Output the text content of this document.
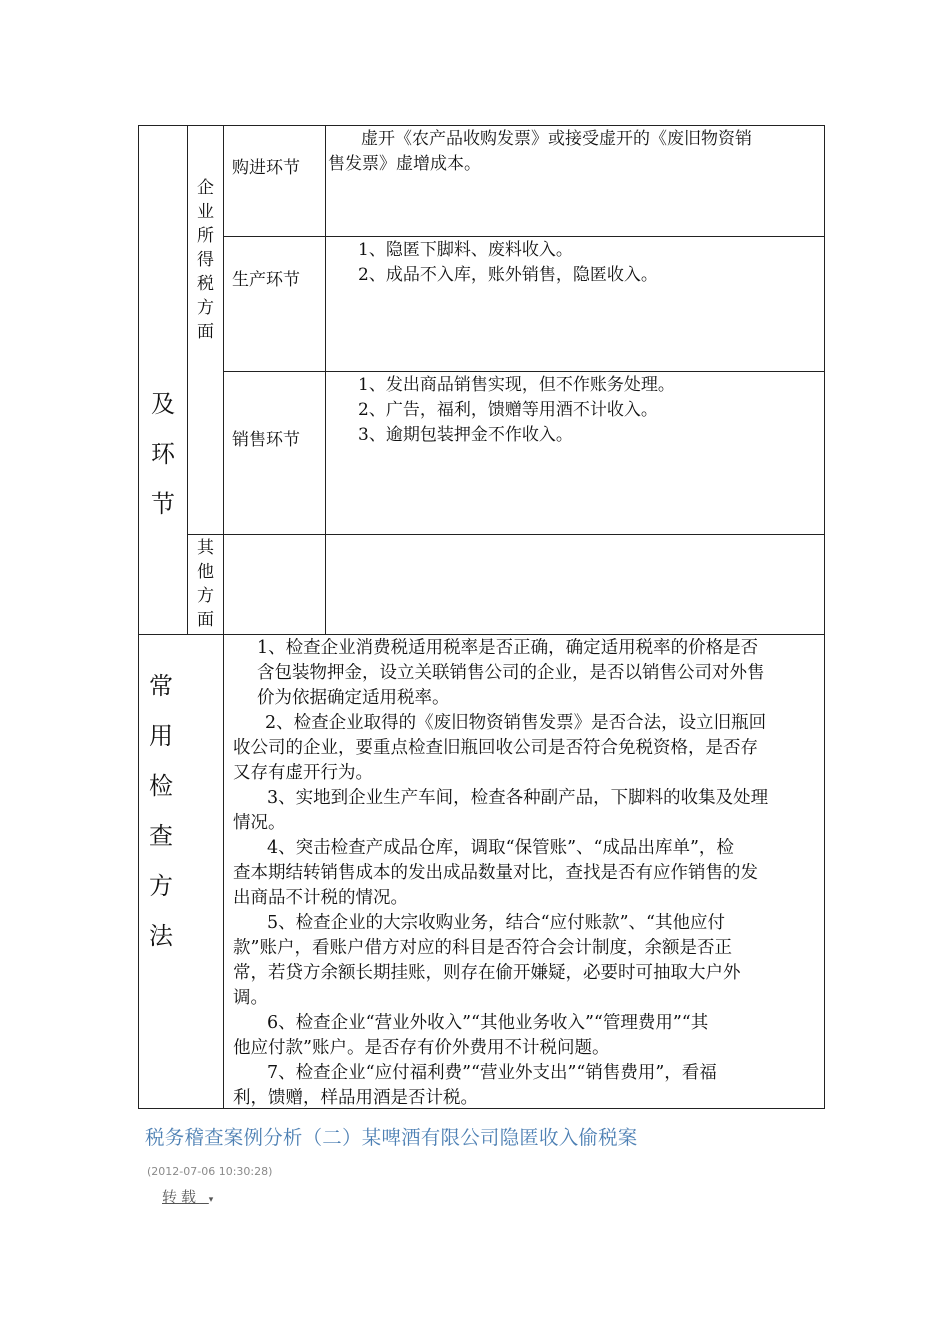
及
环
节
企
业
所
得
税
方
面
其
他
方
面
购进环节
生产环节
销售环节

虚开《农产品收购发票》或接受虚开的《废旧物资销

售发票》虚增成本。

1、隐匿下脚料、废料收入。

2、成品不入库，账外销售，隐匿收入。

1、发出商品销售实现，但不作账务处理。

2、广告，福利，馈赠等用酒不计收入。

3、逾期包装押金不作收入。

常
用
检
查
方
法

1、检查企业消费税适用税率是否正确，确定适用税率的价格是否

含包装物押金，设立关联销售公司的企业，是否以销售公司对外售

价为依据确定适用税率。

2、检查企业取得的《废旧物资销售发票》是否合法，设立旧瓶回

收公司的企业，要重点检查旧瓶回收公司是否符合免税资格，是否存

又存有虚开行为。

3、实地到企业生产车间，检查各种副产品，下脚料的收集及处理

情况。

4、突击检查产成品仓库，调取“保管账”、“成品出库单”，检

查本期结转销售成本的发出成品数量对比，查找是否有应作销售的发

出商品不计税的情况。

5、检查企业的大宗收购业务，结合“应付账款”、“其他应付

款”账户，看账户借方对应的科目是否符合会计制度，余额是否正

常，若贷方余额长期挂账，则存在偷开嫌疑，必要时可抽取大户外

调。

6、检查企业“营业外收入”“其他业务收入”“管理费用”“其

他应付款”账户。是否存有价外费用不计税问题。

7、检查企业“应付福利费”“营业外支出”“销售费用”，看福

利，馈赠，样品用酒是否计税。

税务稽查案例分析（二）某啤酒有限公司隐匿收入偷税案
(2012-07-06 10:30:28)
转载 ▾
